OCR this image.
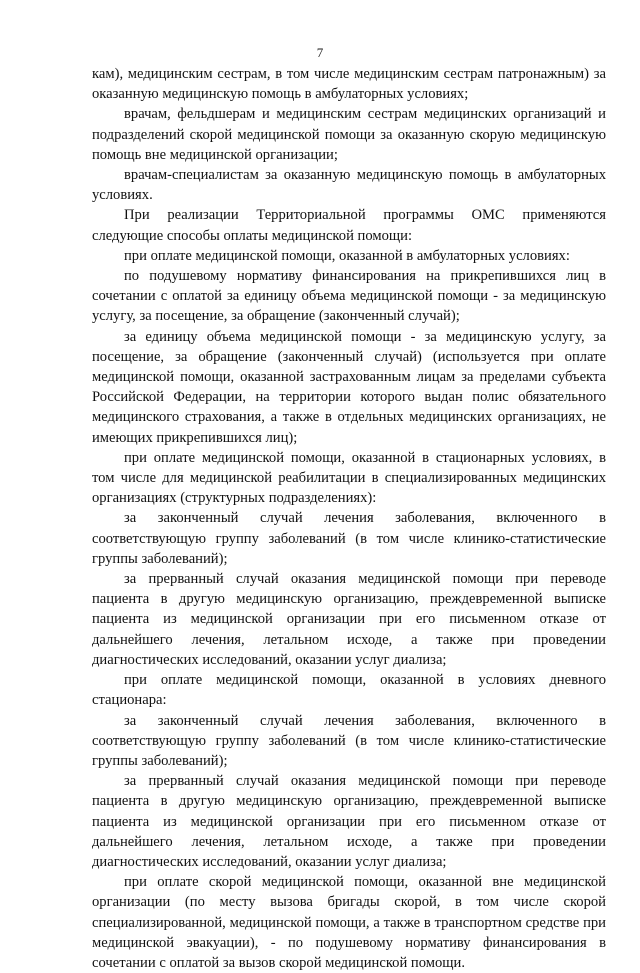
7

кам), медицинским сестрам, в том числе медицинским сестрам патронажным) за оказанную медицинскую помощь в амбулаторных условиях;

врачам, фельдшерам и медицинским сестрам медицинских организаций и подразделений скорой медицинской помощи за оказанную скорую медицинскую помощь вне медицинской организации;

врачам-специалистам за оказанную медицинскую помощь в амбулаторных условиях.

При реализации Территориальной программы ОМС применяются следующие способы оплаты медицинской помощи:

при оплате медицинской помощи, оказанной в амбулаторных условиях:

по подушевому нормативу финансирования на прикрепившихся лиц в сочетании с оплатой за единицу объема медицинской помощи - за медицинскую услугу, за посещение, за обращение (законченный случай);

за единицу объема медицинской помощи - за медицинскую услугу, за посещение, за обращение (законченный случай) (используется при оплате медицинской помощи, оказанной застрахованным лицам за пределами субъекта Российской Федерации, на территории которого выдан полис обязательного медицинского страхования, а также в отдельных медицинских организациях, не имеющих прикрепившихся лиц);

при оплате медицинской помощи, оказанной в стационарных условиях, в том числе для медицинской реабилитации в специализированных медицинских организациях (структурных подразделениях):

за законченный случай лечения заболевания, включенного в соответствующую группу заболеваний (в том числе клинико-статистические группы заболеваний);

за прерванный случай оказания медицинской помощи при переводе пациента в другую медицинскую организацию, преждевременной выписке пациента из медицинской организации при его письменном отказе от дальнейшего лечения, летальном исходе, а также при проведении диагностических исследований, оказании услуг диализа;

при оплате медицинской помощи, оказанной в условиях дневного стационара:

за законченный случай лечения заболевания, включенного в соответствующую группу заболеваний (в том числе клинико-статистические группы заболеваний);

за прерванный случай оказания медицинской помощи при переводе пациента в другую медицинскую организацию, преждевременной выписке пациента из медицинской организации при его письменном отказе от дальнейшего лечения, летальном исходе, а также при проведении диагностических исследований, оказании услуг диализа;

при оплате скорой медицинской помощи, оказанной вне медицинской организации (по месту вызова бригады скорой, в том числе скорой специализированной, медицинской помощи, а также в транспортном средстве при медицинской эвакуации), - по подушевому нормативу финансирования в сочетании с оплатой за вызов скорой медицинской помощи.
